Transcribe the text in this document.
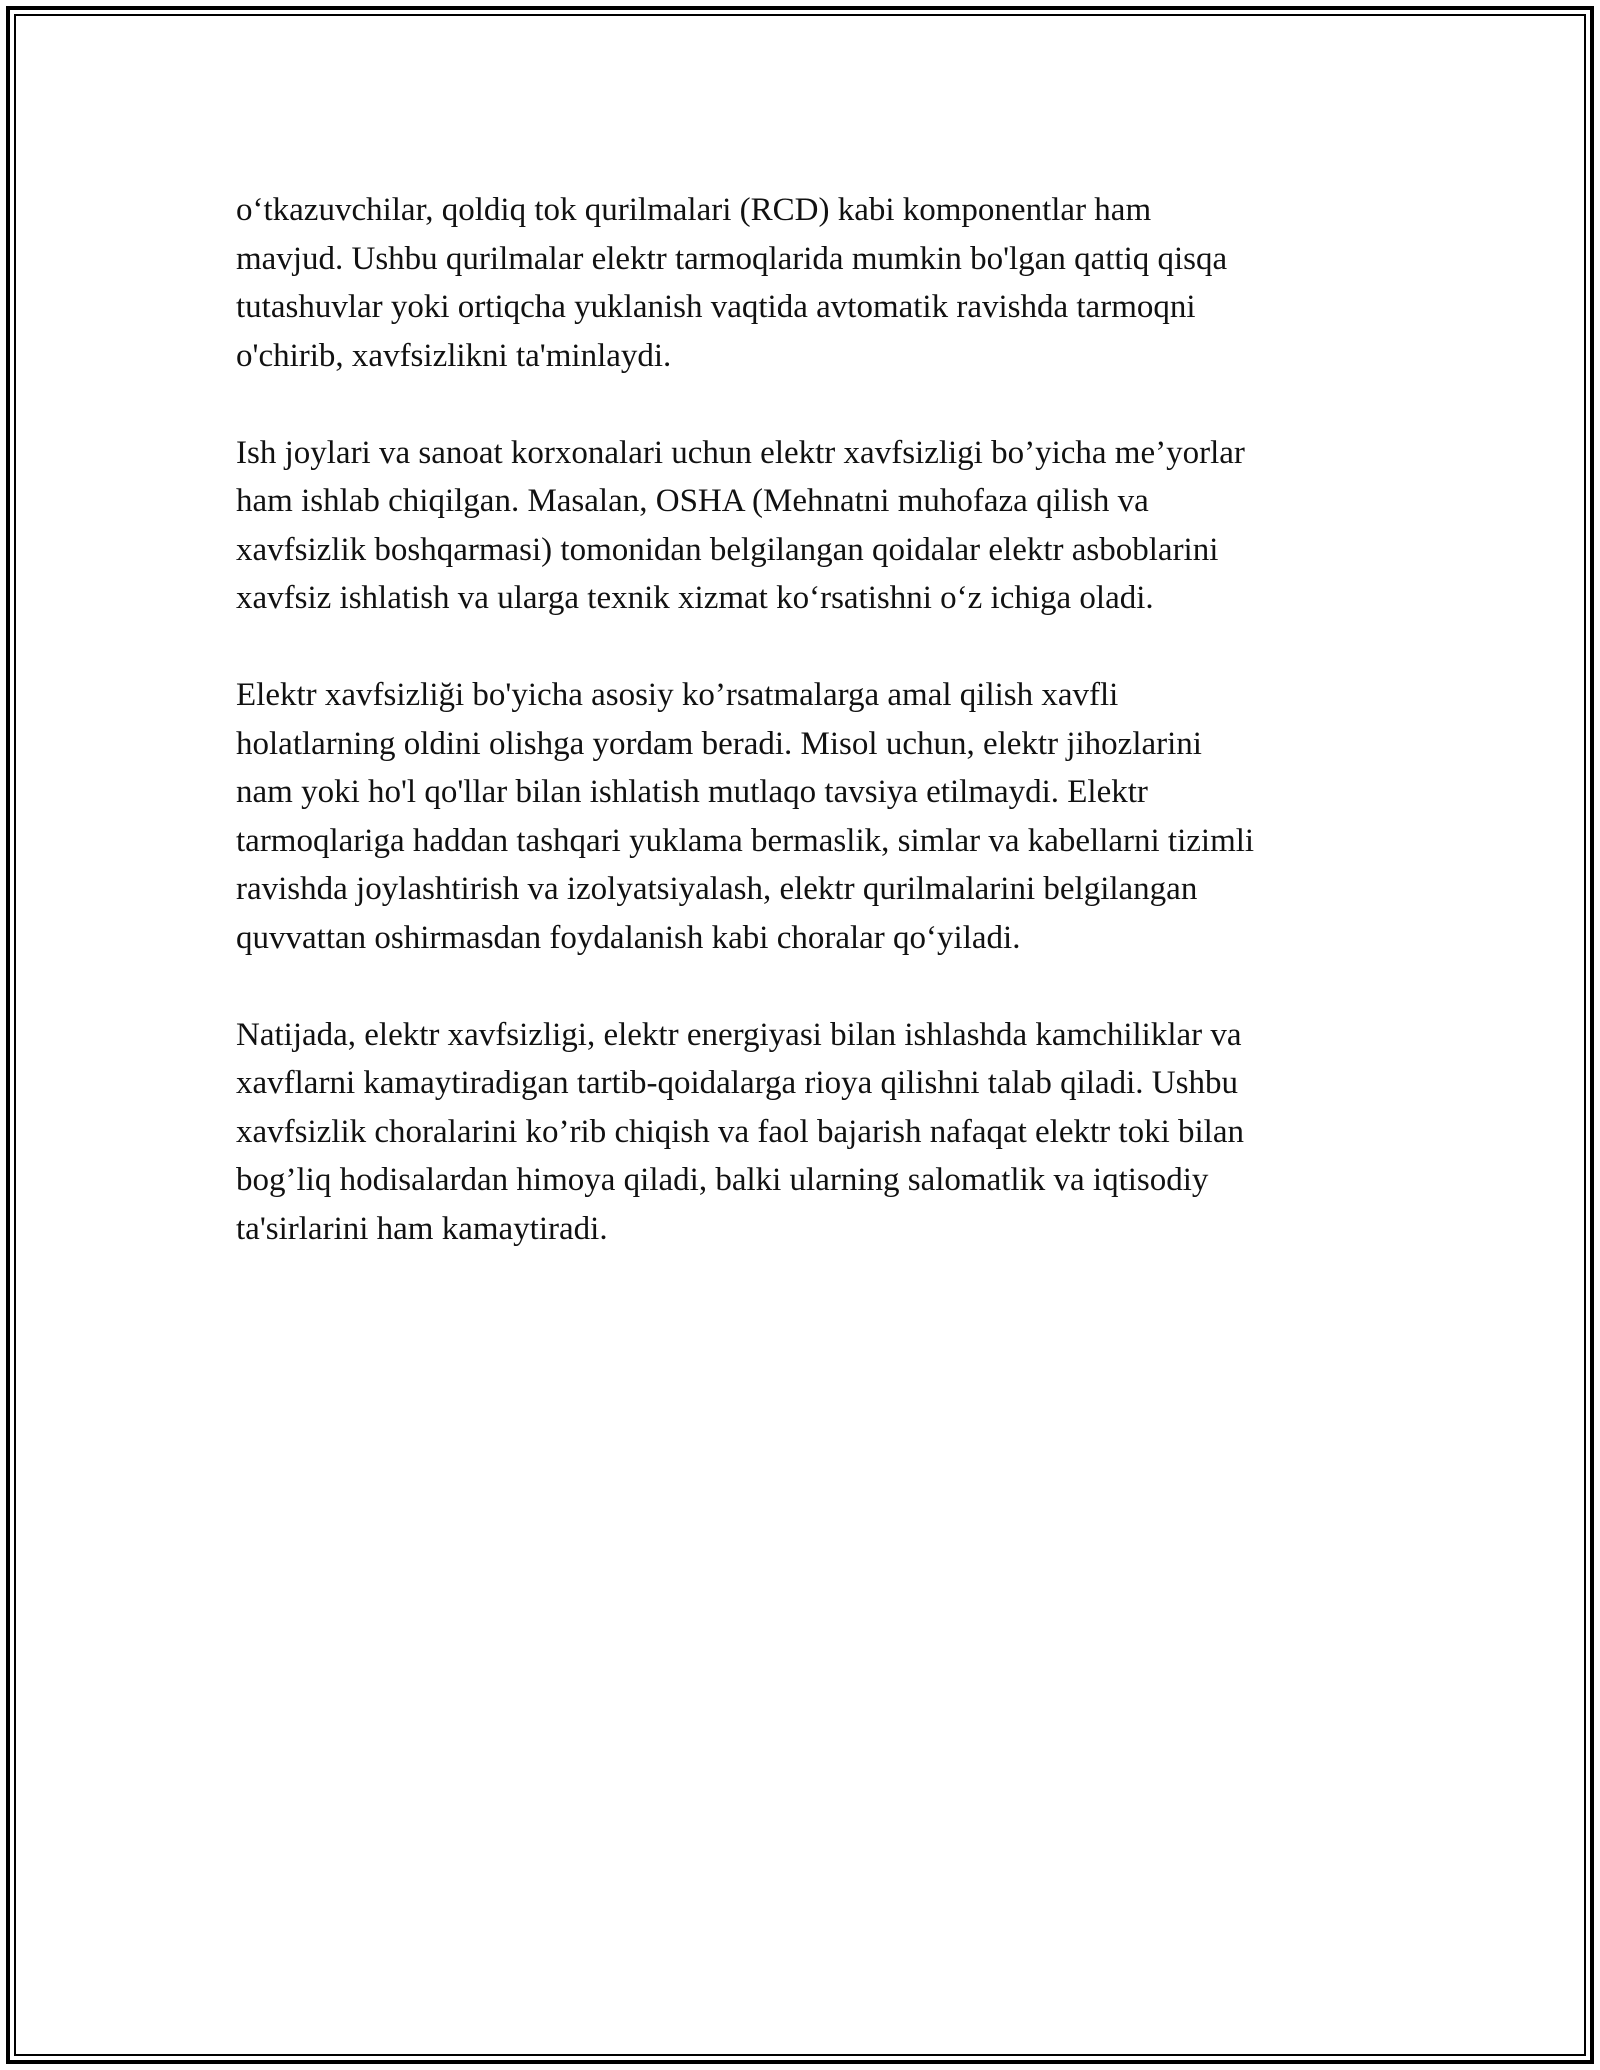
o‘tkazuvchilar, qoldiq tok qurilmalari (RCD) kabi komponentlar ham
mavjud. Ushbu qurilmalar elektr tarmoqlarida mumkin bo'lgan qattiq qisqa
tutashuvlar yoki ortiqcha yuklanish vaqtida avtomatik ravishda tarmoqni
o'chirib, xavfsizlikni ta'minlaydi.

Ish joylari va sanoat korxonalari uchun elektr xavfsizligi bo’yicha me’yorlar
ham ishlab chiqilgan. Masalan, OSHA (Mehnatni muhofaza qilish va
xavfsizlik boshqarmasi) tomonidan belgilangan qoidalar elektr asboblarini
xavfsiz ishlatish va ularga texnik xizmat ko‘rsatishni o‘z ichiga oladi.

Elektr xavfsizliği bo'yicha asosiy ko’rsatmalarga amal qilish xavfli
holatlarning oldini olishga yordam beradi. Misol uchun, elektr jihozlarini
nam yoki ho'l qo'llar bilan ishlatish mutlaqo tavsiya etilmaydi. Elektr
tarmoqlariga haddan tashqari yuklama bermaslik, simlar va kabellarni tizimli
ravishda joylashtirish va izolyatsiyalash, elektr qurilmalarini belgilangan
quvvattan oshirmasdan foydalanish kabi choralar qo‘yiladi.

Natijada, elektr xavfsizligi, elektr energiyasi bilan ishlashda kamchiliklar va
xavflarni kamaytiradigan tartib-qoidalarga rioya qilishni talab qiladi. Ushbu
xavfsizlik choralarini ko’rib chiqish va faol bajarish nafaqat elektr toki bilan
bog’liq hodisalardan himoya qiladi, balki ularning salomatlik va iqtisodiy
ta'sirlarini ham kamaytiradi.
